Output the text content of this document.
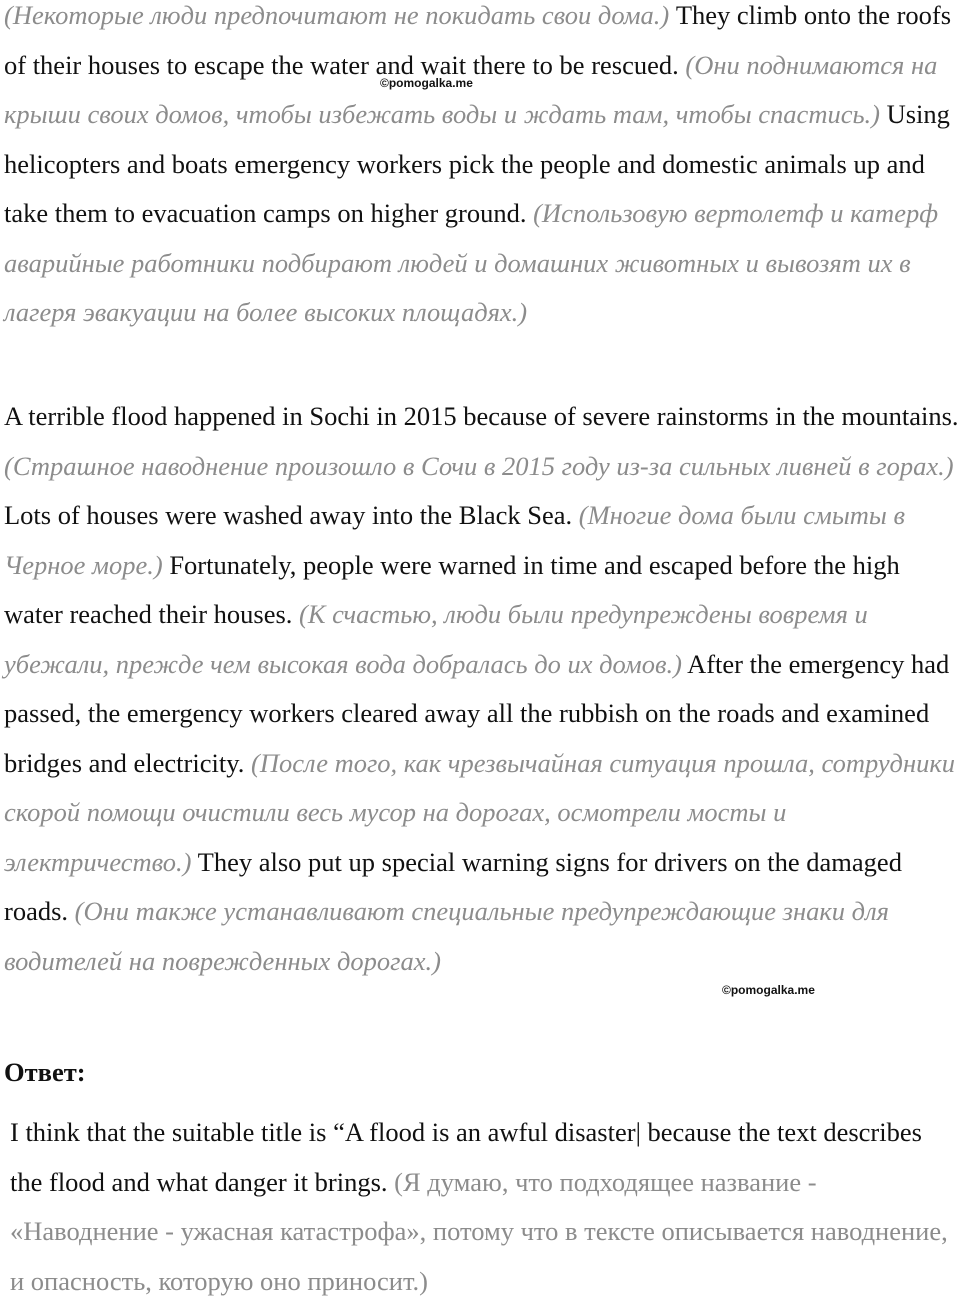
(Некоторые люди предпочитают не покидать свои дома.) They climb onto the roofs of their houses to escape the water and wait there to be rescued. (Они поднимаются на крыши своих домов, чтобы избежать воды и ждать там, чтобы спастись.) Using helicopters and boats emergency workers pick the people and domestic animals up and take them to evacuation camps on higher ground. (Использовую вертолетф и катерф аварийные работники подбирают людей и домашних животных и вывозят их в лагеря эвакуации на более высоких площадях.)

©pomogalka.me

A terrible flood happened in Sochi in 2015 because of severe rainstorms in the mountains. (Страшное наводнение произошло в Сочи в 2015 году из-за сильных ливней в горах.) Lots of houses were washed away into the Black Sea. (Многие дома были смыты в Черное море.) Fortunately, people were warned in time and escaped before the high water reached their houses. (К счастью, люди были предупреждены вовремя и убежали, прежде чем высокая вода добралась до их домов.) After the emergency had passed, the emergency workers cleared away all the rubbish on the roads and examined bridges and electricity. (После того, как чрезвычайная ситуация прошла, сотрудники скорой помощи очистили весь мусор на дорогах, осмотрели мосты и электричество.) They also put up special warning signs for drivers on the damaged roads. (Они также устанавливают специальные предупреждающие знаки для водителей на поврежденных дорогах.)

©pomogalka.me
Ответ:

I think that the suitable title is “A flood is an awful disaster| because the text describes the flood and what danger it brings. (Я думаю, что подходящее название - «Наводнение - ужасная катастрофа», потому что в тексте описывается наводнение, и опасность, которую оно приносит.)
